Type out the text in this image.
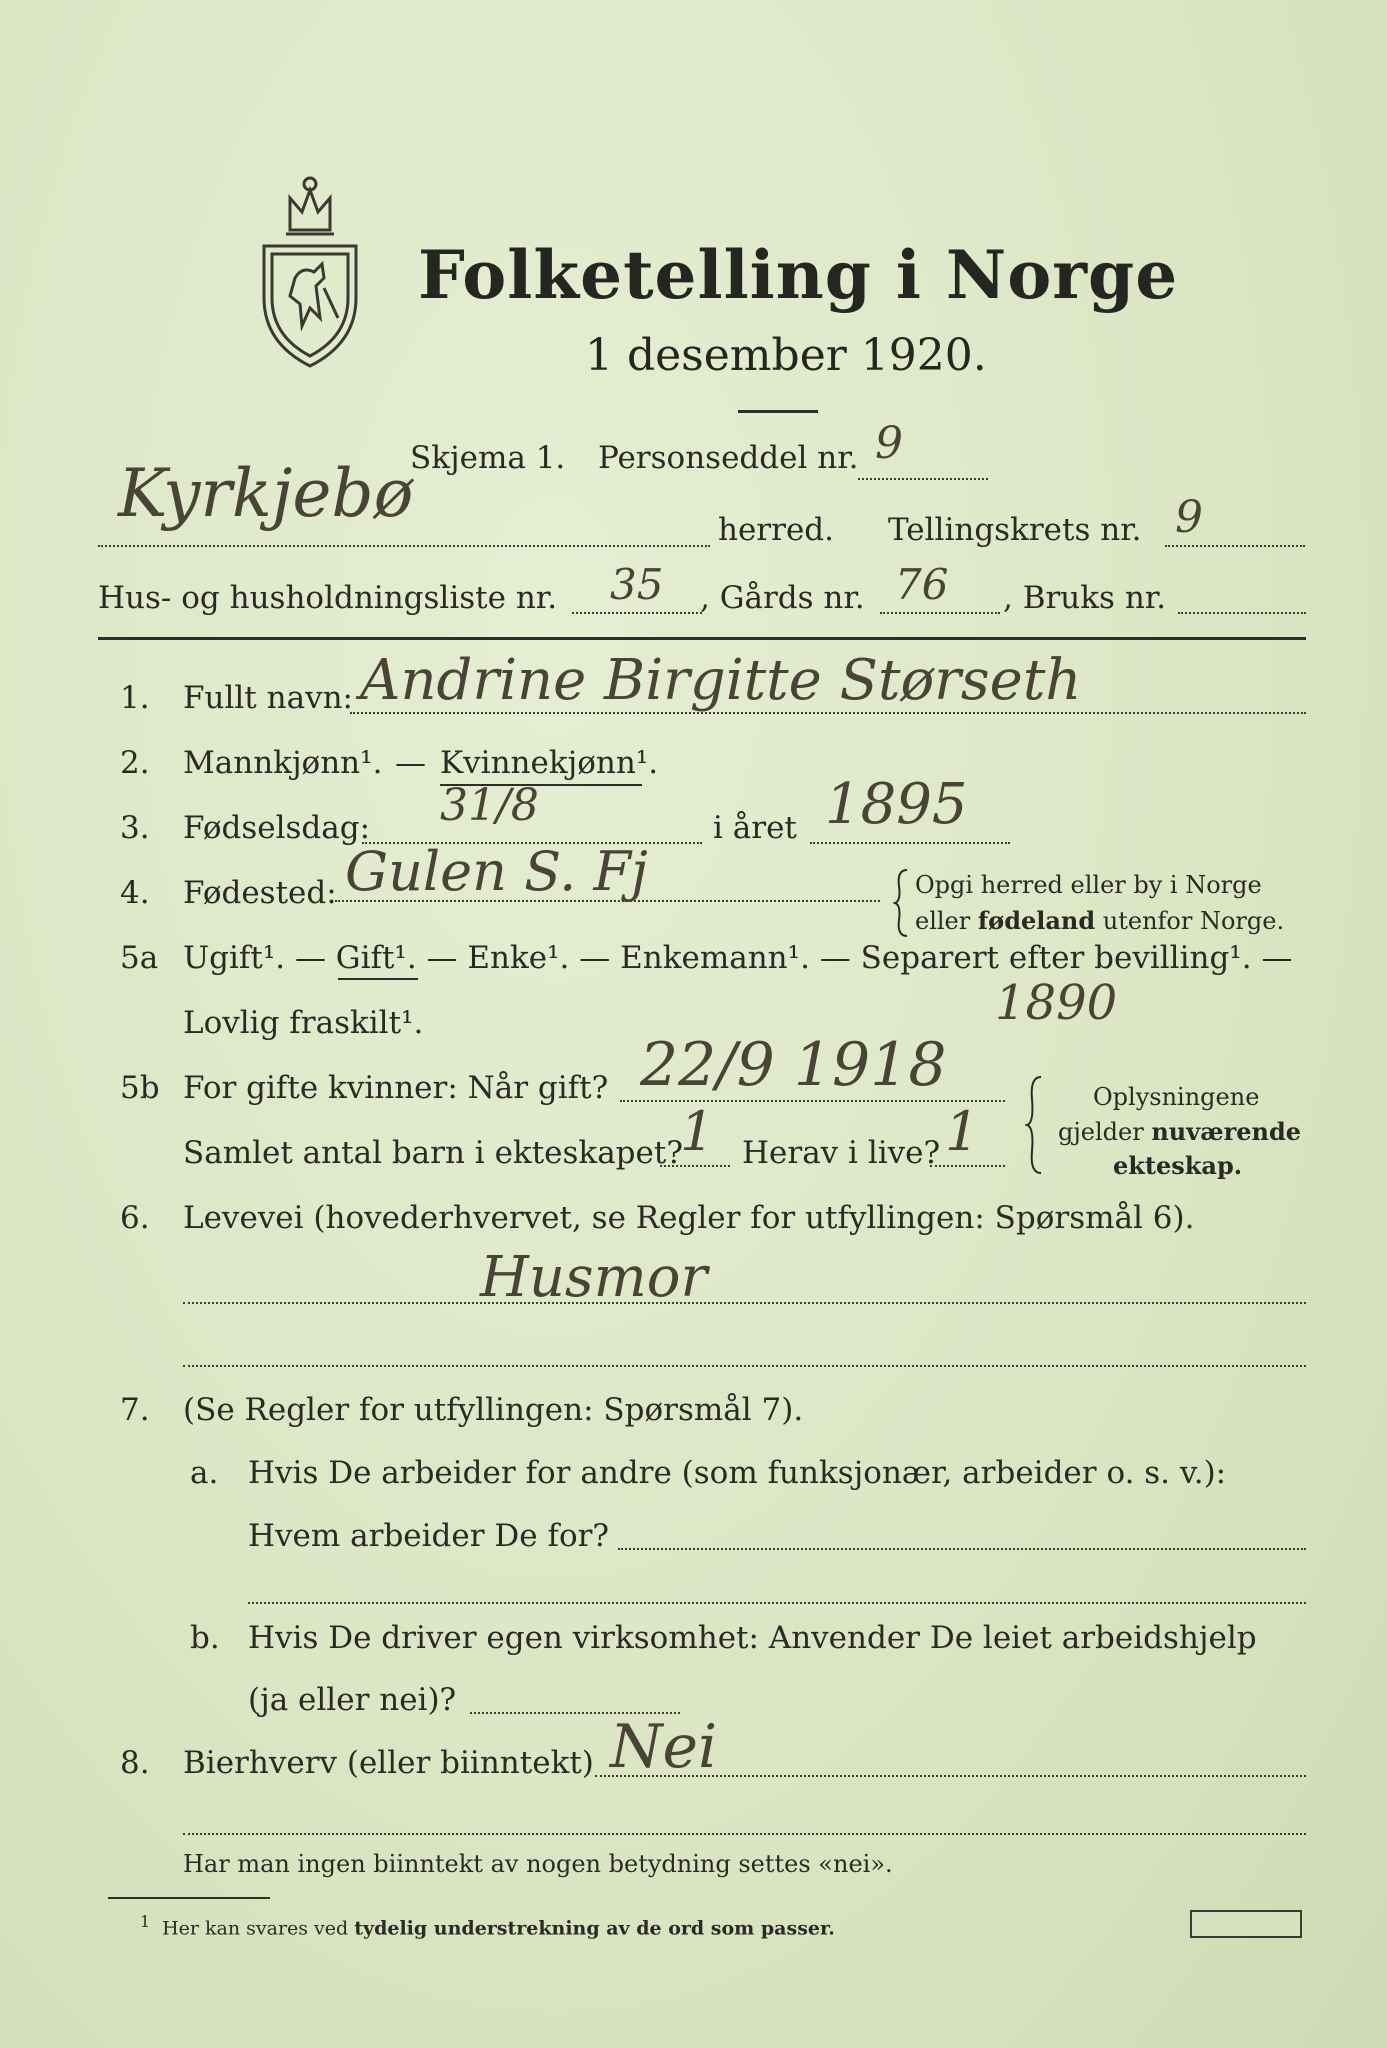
Folketelling i Norge
1 desember 1920.
Skjema 1. Personseddel nr. 9
Kyrkjebø	herred. Tellingskrets nr. 9
Hus- og husholdningsliste nr. 35 , Gårds nr. 76 , Bruks nr.
1. Fullt navn: Andrine Birgitte Størseth
2. Mannkjønn¹. — Kvinnekjønn¹.
3. Fødselsdag: 31/8	i året 1895
4. Fødested: Gulen S. Fj	Opgi herred eller by i Norge
eller fødeland utenfor Norge.
5a Ugift¹. — Gift¹. — Enke¹. — Enkemann¹. — Separert efter bevilling¹. —
Lovlig fraskilt¹.	1890
5b For gifte kvinner: Når gift? 22/9 1918
Samlet antal barn i ekteskapet?
1 Herav i live? 1
Oplysningene
gjelder nuværende
ekteskap.
6. Levevei (hovederhvervet, se Regler for utfyllingen: Spørsmål 6).
Husmor
7. (Se Regler for utfyllingen: Spørsmål 7).
a. Hvis De arbeider for andre (som funksjonær, arbeider o. s. v.):
Hvem arbeider De for?
b. Hvis De driver egen virksomhet: Anvender De leiet arbeidshjelp
(ja eller nei)?
8. Bierhverv (eller biinntekt) Nei
Har man ingen biinntekt av nogen betydning settes «nei».
$^1$ Her kan svares ved tydelig understrekning av de ord som passer.
